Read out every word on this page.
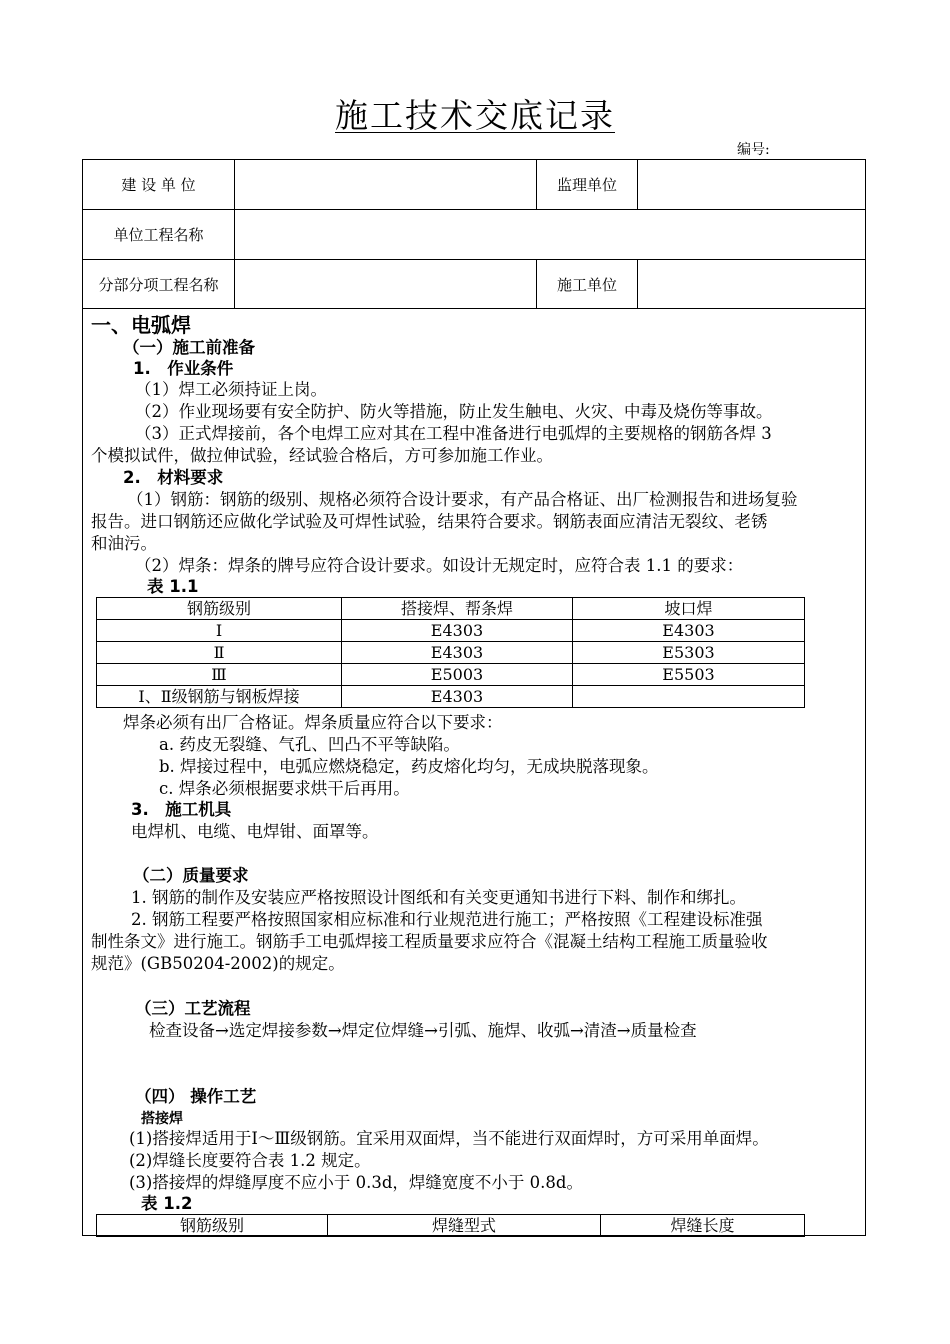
施工技术交底记录
编号:
建 设 单 位	监理单位
单位工程名称
分部分项工程名称	施工单位
一、电弧焊
（一）施工前准备
1.　作业条件
（1）焊工必须持证上岗。
（2）作业现场要有安全防护、防火等措施，防止发生触电、火灾、中毒及烧伤等事故。
（3）正式焊接前，各个电焊工应对其在工程中准备进行电弧焊的主要规格的钢筋各焊 3
个模拟试件，做拉伸试验，经试验合格后，方可参加施工作业。
2.　材料要求
（1）钢筋：钢筋的级别、规格必须符合设计要求，有产品合格证、出厂检测报告和进场复验
报告。进口钢筋还应做化学试验及可焊性试验，结果符合要求。钢筋表面应清洁无裂纹、老锈
和油污。
（2）焊条：焊条的牌号应符合设计要求。如设计无规定时，应符合表 1.1 的要求：
表 1.1
钢筋级别	搭接焊、帮条焊	坡口焊
Ⅰ	E4303	E4303
Ⅱ	E4303	E5303
Ⅲ	E5003	E5503
Ⅰ、Ⅱ级钢筋与钢板焊接	E4303	
焊条必须有出厂合格证。焊条质量应符合以下要求：
a. 药皮无裂缝、气孔、凹凸不平等缺陷。
b. 焊接过程中，电弧应燃烧稳定，药皮熔化均匀，无成块脱落现象。
c. 焊条必须根据要求烘干后再用。
3.　施工机具
电焊机、电缆、电焊钳、面罩等。
（二）质量要求
1. 钢筋的制作及安装应严格按照设计图纸和有关变更通知书进行下料、制作和绑扎。
2. 钢筋工程要严格按照国家相应标准和行业规范进行施工；严格按照《工程建设标准强
制性条文》进行施工。钢筋手工电弧焊接工程质量要求应符合《混凝土结构工程施工质量验收
规范》(GB50204-2002)的规定。
（三）工艺流程
检查设备→选定焊接参数→焊定位焊缝→引弧、施焊、收弧→清渣→质量检查
（四） 操作工艺
搭接焊
(1)搭接焊适用于Ⅰ～Ⅲ级钢筋。宜采用双面焊，当不能进行双面焊时，方可采用单面焊。
(2)焊缝长度要符合表 1.2 规定。
(3)搭接焊的焊缝厚度不应小于 0.3d，焊缝宽度不小于 0.8d。
表 1.2
钢筋级别	焊缝型式	焊缝长度
